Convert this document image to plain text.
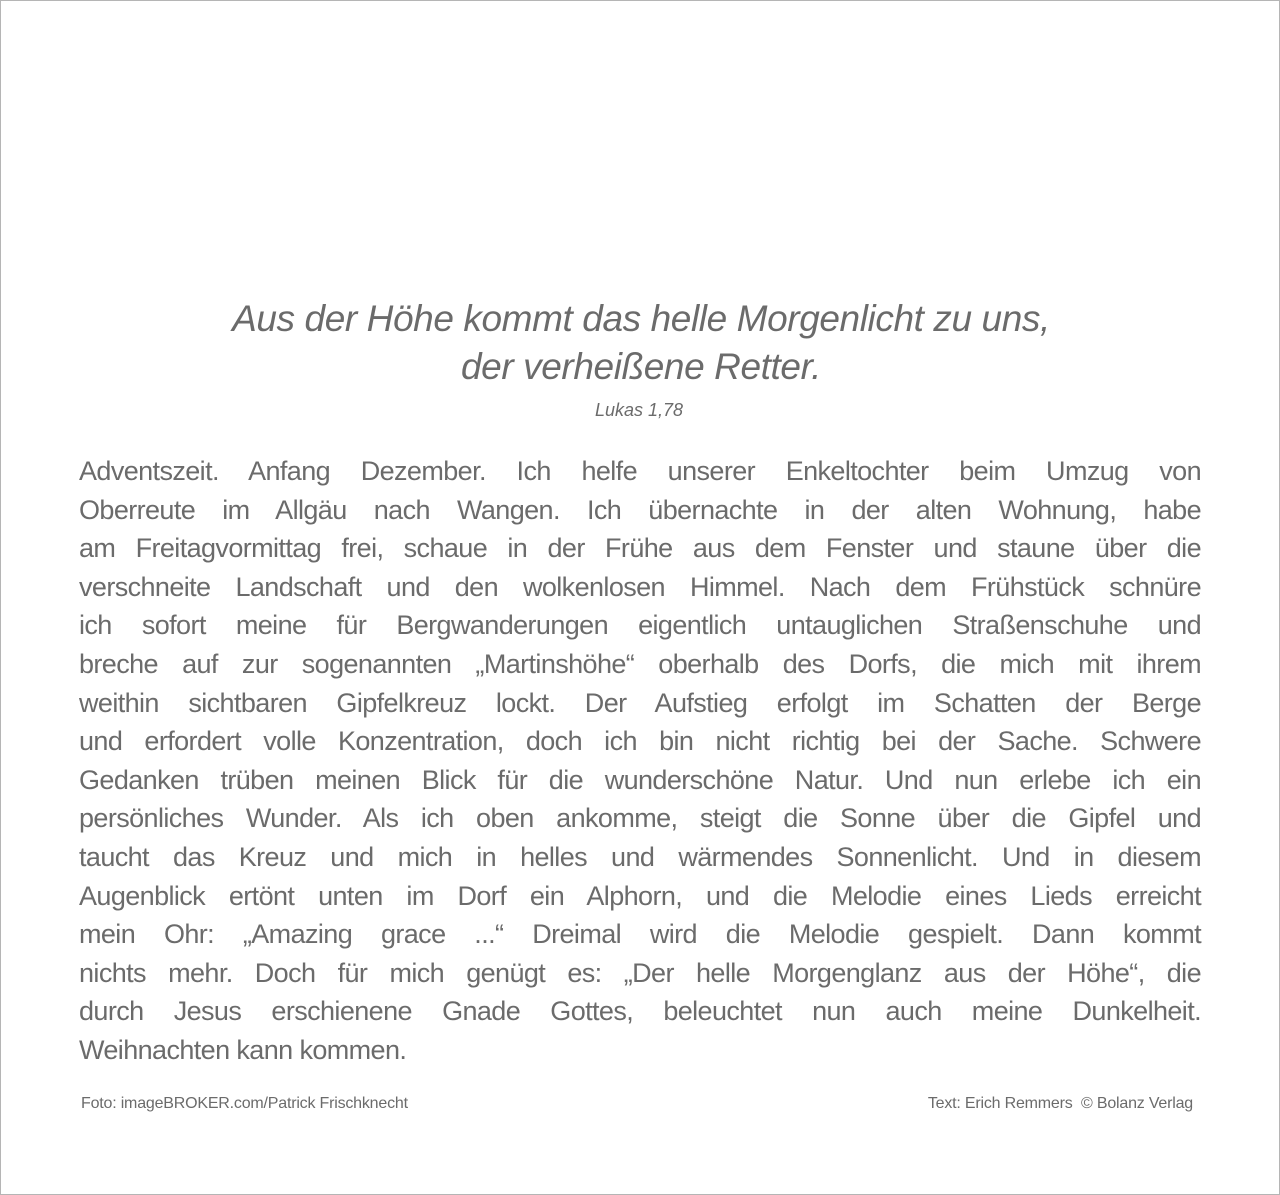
Aus der Höhe kommt das helle Morgenlicht zu uns,
der verheißene Retter.
Lukas 1,78
Adventszeit. Anfang Dezember. Ich helfe unserer Enkeltochter beim Umzug von
Oberreute im Allgäu nach Wangen. Ich übernachte in der alten Wohnung, habe
am Freitagvormittag frei, schaue in der Frühe aus dem Fenster und staune über die
verschneite Landschaft und den wolkenlosen Himmel. Nach dem Frühstück schnüre
ich sofort meine für Bergwanderungen eigentlich untauglichen Straßenschuhe und
breche auf zur sogenannten „Martinshöhe“ oberhalb des Dorfs, die mich mit ihrem
weithin sichtbaren Gipfelkreuz lockt. Der Aufstieg erfolgt im Schatten der Berge
und erfordert volle Konzentration, doch ich bin nicht richtig bei der Sache. Schwere
Gedanken trüben meinen Blick für die wunderschöne Natur. Und nun erlebe ich ein
persönliches Wunder. Als ich oben ankomme, steigt die Sonne über die Gipfel und
taucht das Kreuz und mich in helles und wärmendes Sonnenlicht. Und in diesem
Augenblick ertönt unten im Dorf ein Alphorn, und die Melodie eines Lieds erreicht
mein Ohr: „Amazing grace ...“ Dreimal wird die Melodie gespielt. Dann kommt
nichts mehr. Doch für mich genügt es: „Der helle Morgenglanz aus der Höhe“, die
durch Jesus erschienene Gnade Gottes, beleuchtet nun auch meine Dunkelheit.
Weihnachten kann kommen.
Foto: imageBROKER.com/Patrick Frischknecht	Text: Erich Remmers  © Bolanz Verlag
